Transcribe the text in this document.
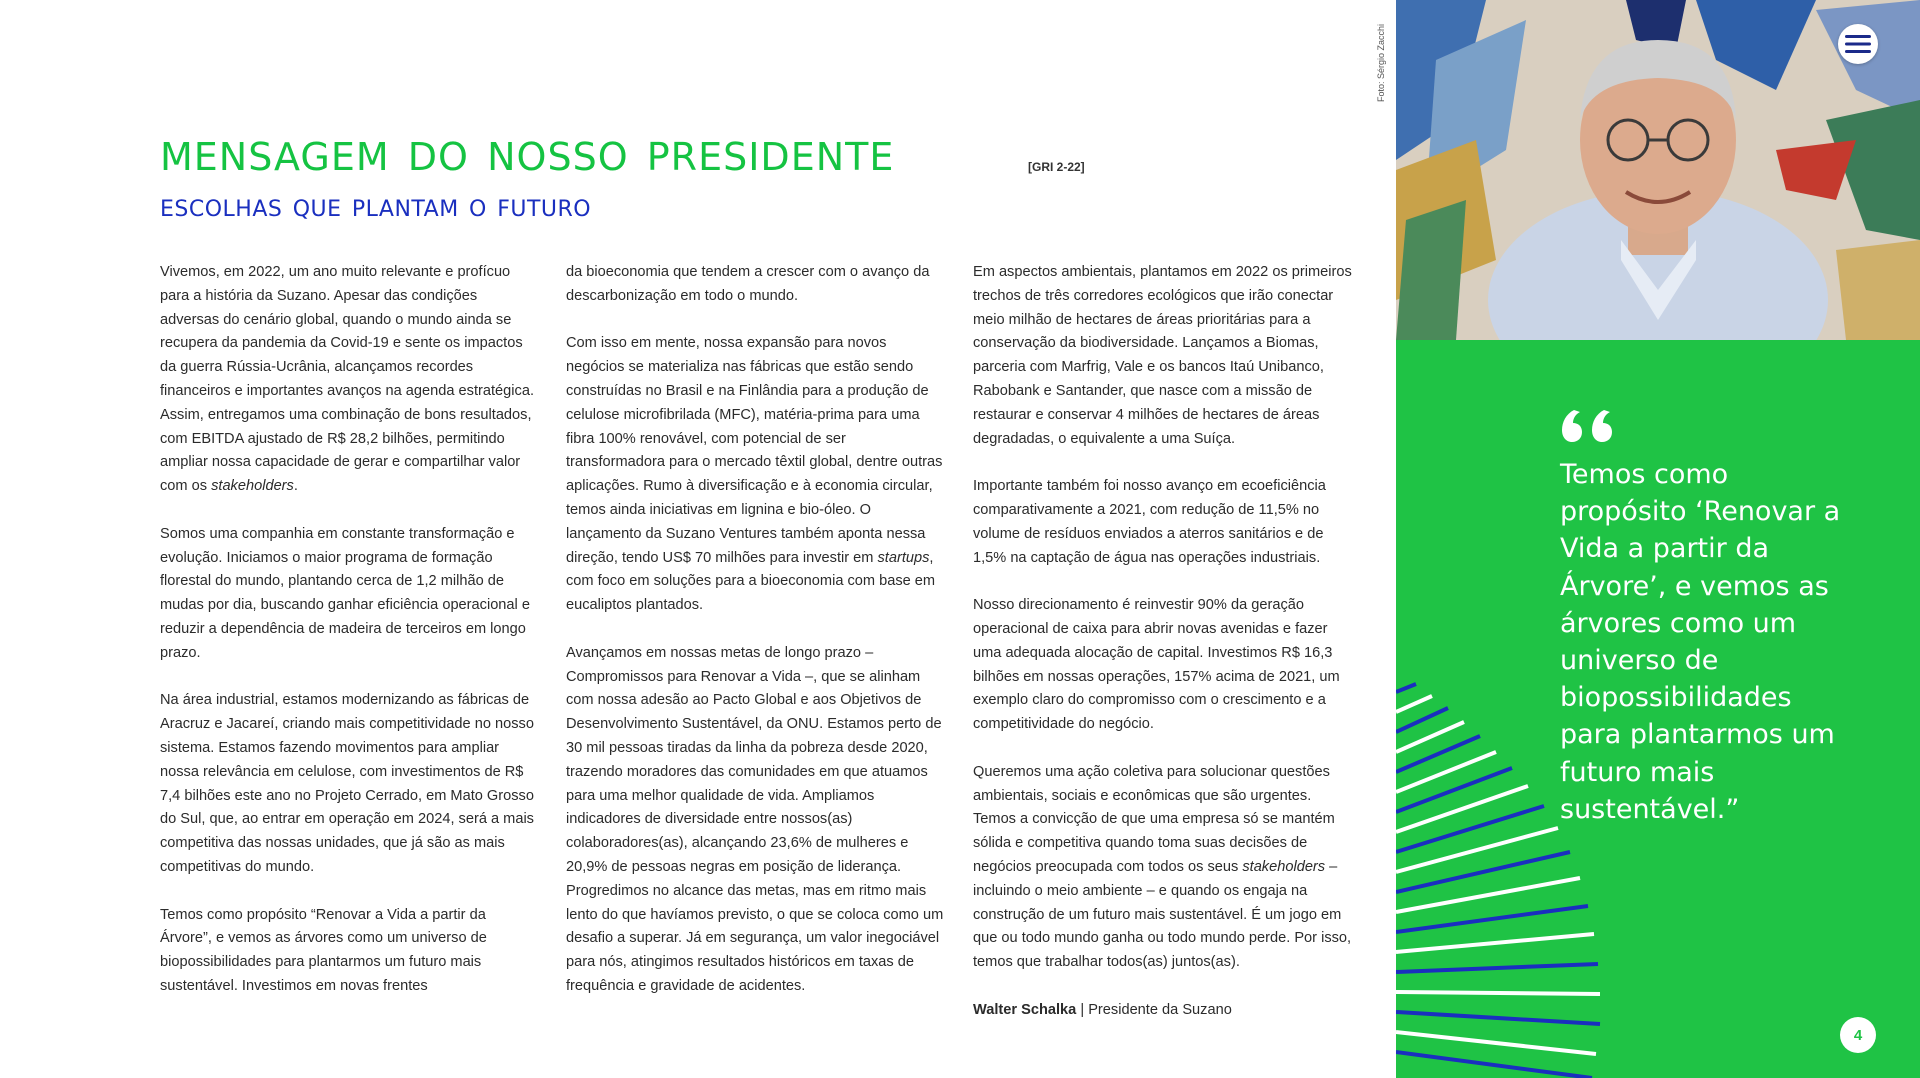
mensagem do nosso presidente	[GRI 2-22]
escolhas que plantam o futuro

Vivemos, em 2022, um ano muito relevante e profícuo para a história da Suzano. Apesar das condições adversas do cenário global, quando o mundo ainda se recupera da pandemia da Covid-19 e sente os impactos da guerra Rússia-Ucrânia, alcançamos recordes financeiros e importantes avanços na agenda estratégica. Assim, entregamos uma combinação de bons resultados, com EBITDA ajustado de R$ 28,2 bilhões, permitindo ampliar nossa capacidade de gerar e compartilhar valor com os stakeholders.

Somos uma companhia em constante transformação e evolução. Iniciamos o maior programa de formação florestal do mundo, plantando cerca de 1,2 milhão de mudas por dia, buscando ganhar eficiência operacional e reduzir a dependência de madeira de terceiros em longo prazo.

Na área industrial, estamos modernizando as fábricas de Aracruz e Jacareí, criando mais competitividade no nosso sistema. Estamos fazendo movimentos para ampliar nossa relevância em celulose, com investimentos de R$ 7,4 bilhões este ano no Projeto Cerrado, em Mato Grosso do Sul, que, ao entrar em operação em 2024, será a mais competitiva das nossas unidades, que já são as mais competitivas do mundo.

Temos como propósito “Renovar a Vida a partir da Árvore”, e vemos as árvores como um universo de biopossibilidades para plantarmos um futuro mais sustentável. Investimos em novas frentes

da bioeconomia que tendem a crescer com o avanço da descarbonização em todo o mundo.

Com isso em mente, nossa expansão para novos negócios se materializa nas fábricas que estão sendo construídas no Brasil e na Finlândia para a produção de celulose microfibrilada (MFC), matéria-prima para uma fibra 100% renovável, com potencial de ser transformadora para o mercado têxtil global, dentre outras aplicações. Rumo à diversificação e à economia circular, temos ainda iniciativas em lignina e bio-óleo. O lançamento da Suzano Ventures também aponta nessa direção, tendo US$ 70 milhões para investir em startups, com foco em soluções para a bioeconomia com base em eucaliptos plantados.

Avançamos em nossas metas de longo prazo – Compromissos para Renovar a Vida –, que se alinham com nossa adesão ao Pacto Global e aos Objetivos de Desenvolvimento Sustentável, da ONU. Estamos perto de 30 mil pessoas tiradas da linha da pobreza desde 2020, trazendo moradores das comunidades em que atuamos para uma melhor qualidade de vida. Ampliamos indicadores de diversidade entre nossos(as) colaboradores(as), alcançando 23,6% de mulheres e 20,9% de pessoas negras em posição de liderança. Progredimos no alcance das metas, mas em ritmo mais lento do que havíamos previsto, o que se coloca como um desafio a superar. Já em segurança, um valor inegociável para nós, atingimos resultados históricos em taxas de frequência e gravidade de acidentes.

Em aspectos ambientais, plantamos em 2022 os primeiros trechos de três corredores ecológicos que irão conectar meio milhão de hectares de áreas prioritárias para a conservação da biodiversidade. Lançamos a Biomas, parceria com Marfrig, Vale e os bancos Itaú Unibanco, Rabobank e Santander, que nasce com a missão de restaurar e conservar 4 milhões de hectares de áreas degradadas, o equivalente a uma Suíça.

Importante também foi nosso avanço em ecoeficiência comparativamente a 2021, com redução de 11,5% no volume de resíduos enviados a aterros sanitários e de 1,5% na captação de água nas operações industriais.

Nosso direcionamento é reinvestir 90% da geração operacional de caixa para abrir novas avenidas e fazer uma adequada alocação de capital. Investimos R$ 16,3 bilhões em nossas operações, 157% acima de 2021, um exemplo claro do compromisso com o crescimento e a competitividade do negócio.

Queremos uma ação coletiva para solucionar questões ambientais, sociais e econômicas que são urgentes. Temos a convicção de que uma empresa só se mantém sólida e competitiva quando toma suas decisões de negócios preocupada com todos os seus stakeholders – incluindo o meio ambiente – e quando os engaja na construção de um futuro mais sustentável. É um jogo em que ou todo mundo ganha ou todo mundo perde. Por isso, temos que trabalhar todos(as) juntos(as).

Walter Schalka | Presidente da Suzano

Foto: Sérgio Zacchi
Temos como propósito ‘Renovar a Vida a partir da Árvore’, e vemos as árvores como um universo de biopossibilidades para plantarmos um futuro mais sustentável.”
4
